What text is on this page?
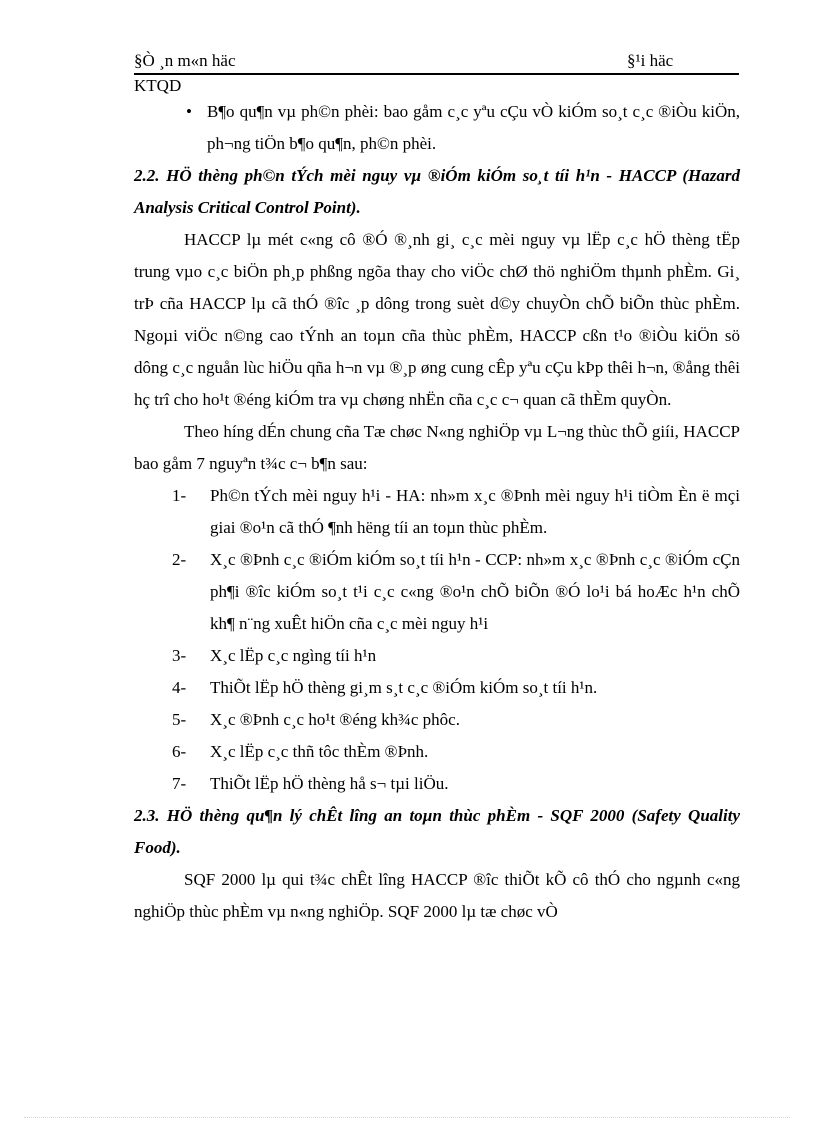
§Ò ¸n m«n häc	§¹i häc
KTQD
• B¶o qu¶n vµ ph©n phèi: bao gåm c¸c yªu cÇu vÒ kiÓm so¸t c¸c ®iÒu kiÖn, ph¬ng tiÖn b¶o qu¶n, ph©n phèi.
2.2. HÖ thèng ph©n tÝch mèi nguy vµ ®iÓm kiÓm so¸t tíi h¹n - HACCP (Hazard Analysis Critical Control Point).
HACCP lµ mét c«ng cô ®Ó ®¸nh gi¸ c¸c mèi nguy vµ lËp c¸c hÖ thèng tËp trung vµo c¸c biÖn ph¸p phßng ngõa thay cho viÖc chØ thö nghiÖm thµnh phÈm. Gi¸ trÞ cña HACCP lµ cã thÓ ®îc ¸p dông trong suèt d©y chuyÒn chÕ biÕn thùc phÈm. Ngoµi viÖc n©ng cao tÝnh an toµn cña thùc phÈm, HACCP cßn t¹o ®iÒu kiÖn sö dông c¸c nguån lùc hiÖu qña h¬n vµ ®¸p øng cung cÊp yªu cÇu kÞp thêi h¬n, ®ång thêi hç trî cho ho¹t ®éng kiÓm tra vµ chøng nhËn cña c¸c c¬ quan cã thÈm quyÒn.
Theo híng dÉn chung cña Tæ chøc N«ng nghiÖp vµ L¬ng thùc thÕ giíi, HACCP bao gåm 7 nguyªn t¾c c¬ b¶n sau:
1- Ph©n tÝch mèi nguy h¹i - HA: nh»m x¸c ®Þnh mèi nguy h¹i tiÒm Èn ë mçi giai ®o¹n cã thÓ ¶nh hëng tíi an toµn thùc phÈm.
2- X¸c ®Þnh c¸c ®iÓm kiÓm so¸t tíi h¹n - CCP: nh»m x¸c ®Þnh c¸c ®iÓm cÇn ph¶i ®îc kiÓm so¸t t¹i c¸c c«ng ®o¹n chÕ biÕn ®Ó lo¹i bá hoÆc h¹n chÕ kh¶ n¨ng xuÊt hiÖn cña c¸c mèi nguy h¹i
3- X¸c lËp c¸c ngìng tíi h¹n
4- ThiÕt lËp hÖ thèng gi¸m s¸t c¸c ®iÓm kiÓm so¸t tíi h¹n.
5- X¸c ®Þnh c¸c ho¹t ®éng kh¾c phôc.
6- X¸c lËp c¸c thñ tôc thÈm ®Þnh.
7- ThiÕt lËp hÖ thèng hå s¬ tµi liÖu.
2.3. HÖ thèng qu¶n lý chÊt lîng an toµn thùc phÈm - SQF 2000 (Safety Quality Food).
SQF 2000 lµ qui t¾c chÊt lîng HACCP ®îc thiÕt kÕ cô thÓ cho ngµnh c«ng nghiÖp thùc phÈm vµ n«ng nghiÖp. SQF 2000 lµ tæ chøc vÒ
